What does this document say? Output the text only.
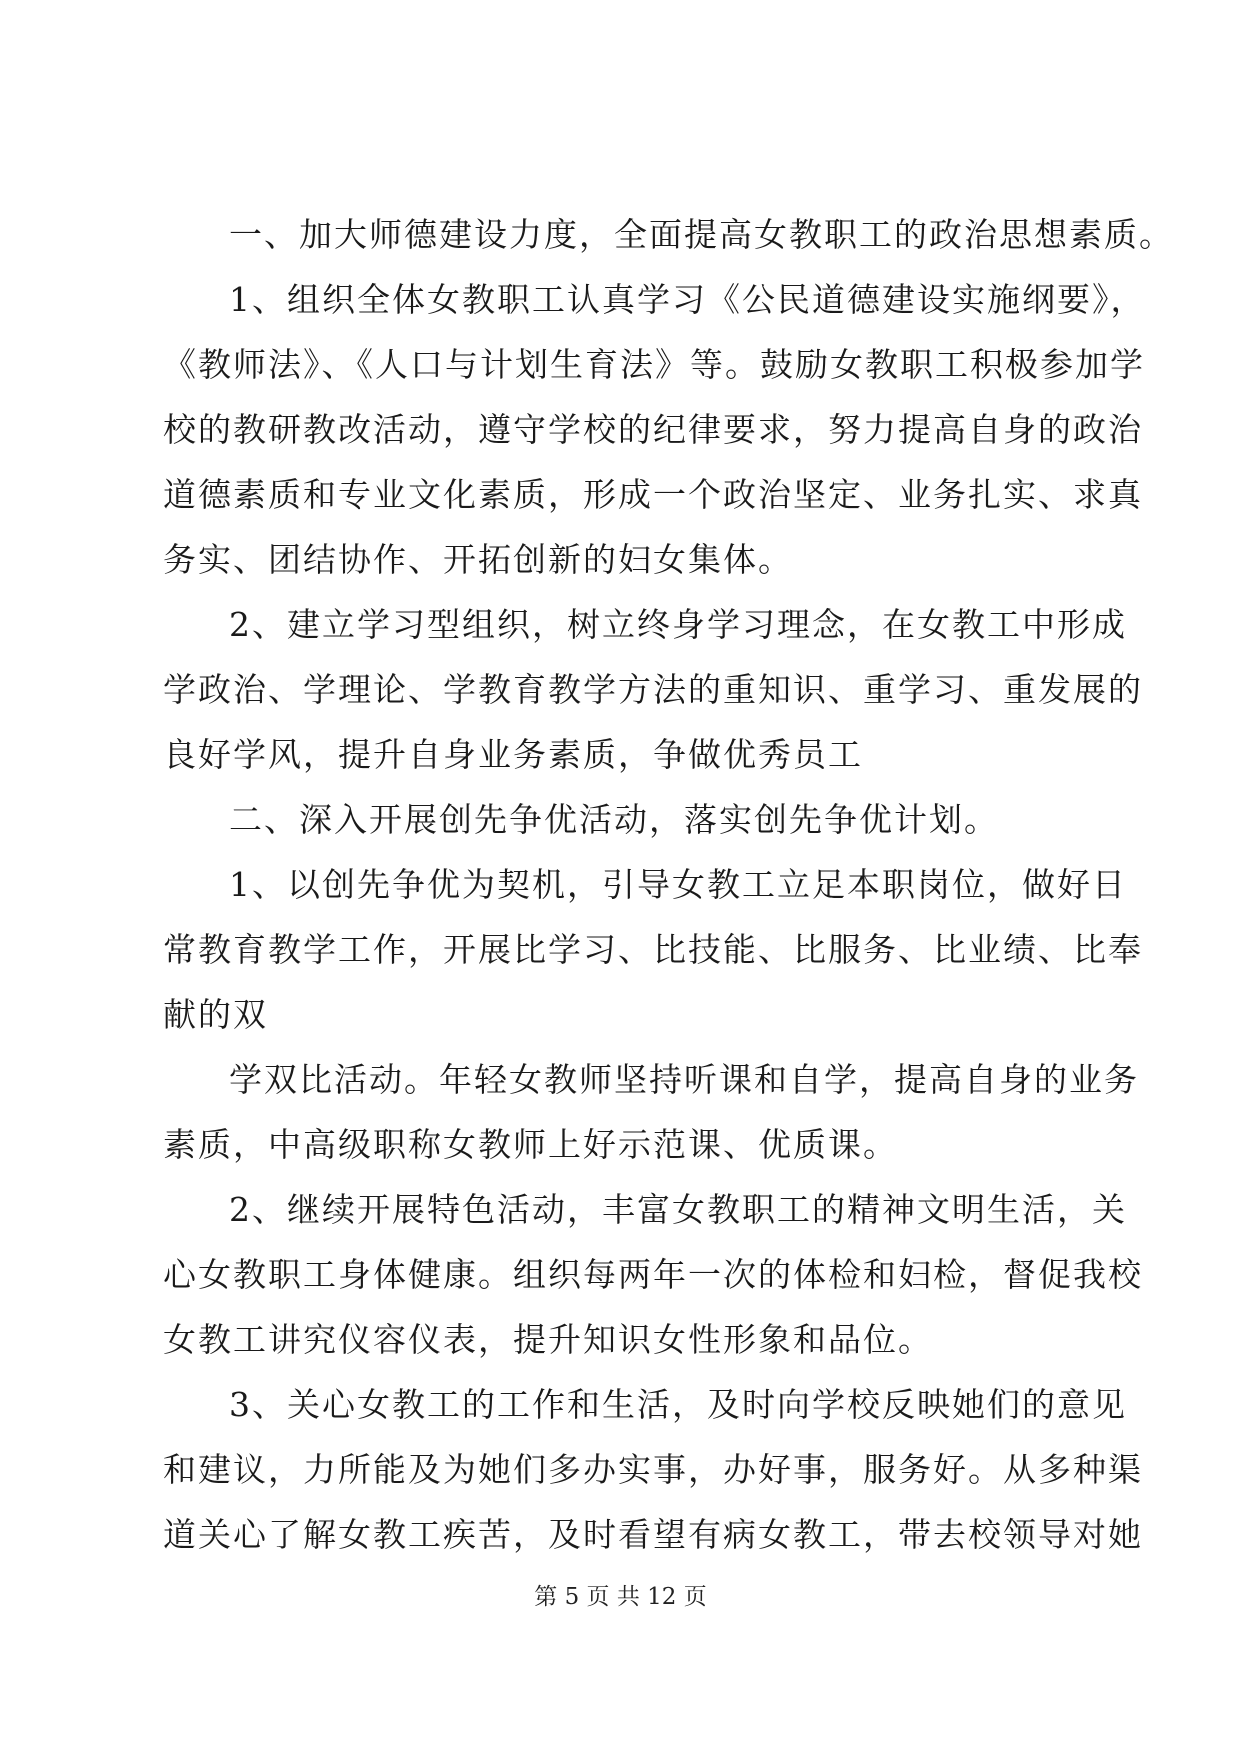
一、加大师德建设力度，全面提高女教职工的政治思想素质。
1、组织全体女教职工认真学习《公民道德建设实施纲要》，
《教师法》、《人口与计划生育法》等。鼓励女教职工积极参加学
校的教研教改活动，遵守学校的纪律要求，努力提高自身的政治
道德素质和专业文化素质，形成一个政治坚定、业务扎实、求真
务实、团结协作、开拓创新的妇女集体。
2、建立学习型组织，树立终身学习理念，在女教工中形成
学政治、学理论、学教育教学方法的重知识、重学习、重发展的
良好学风，提升自身业务素质，争做优秀员工
二、深入开展创先争优活动，落实创先争优计划。
1、以创先争优为契机，引导女教工立足本职岗位，做好日
常教育教学工作，开展比学习、比技能、比服务、比业绩、比奉
献的双
学双比活动。年轻女教师坚持听课和自学，提高自身的业务
素质，中高级职称女教师上好示范课、优质课。
2、继续开展特色活动，丰富女教职工的精神文明生活，关
心女教职工身体健康。组织每两年一次的体检和妇检，督促我校
女教工讲究仪容仪表，提升知识女性形象和品位。
3、关心女教工的工作和生活，及时向学校反映她们的意见
和建议，力所能及为她们多办实事，办好事，服务好。从多种渠
道关心了解女教工疾苦，及时看望有病女教工，带去校领导对她
第 5 页 共 12 页
